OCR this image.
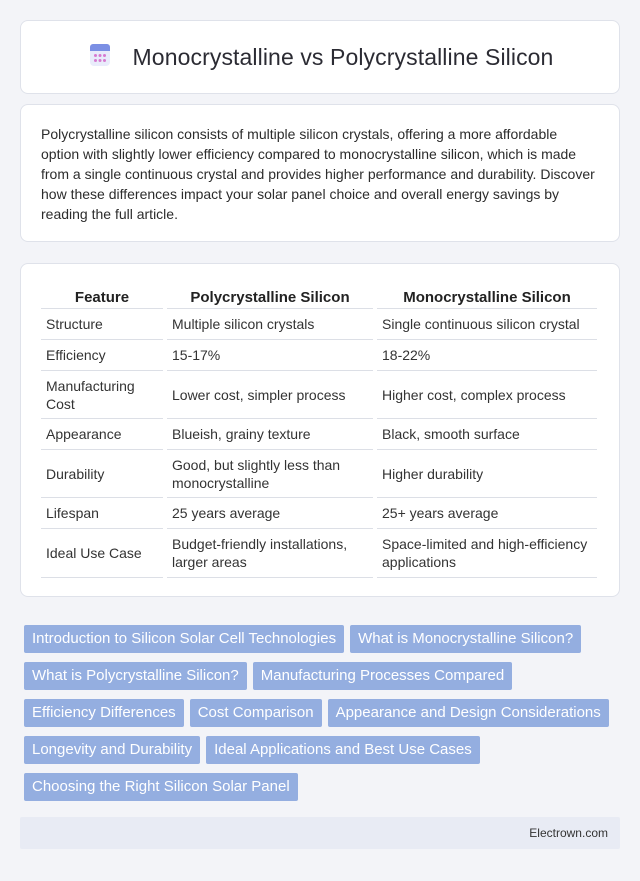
Monocrystalline vs Polycrystalline Silicon

Polycrystalline silicon consists of multiple silicon crystals, offering a more affordable option with slightly lower efficiency compared to monocrystalline silicon, which is made from a single continuous crystal and provides higher performance and durability. Discover how these differences impact your solar panel choice and overall energy savings by reading the full article.

Feature	Polycrystalline Silicon	Monocrystalline Silicon
Structure	Multiple silicon crystals	Single continuous silicon crystal
Efficiency	15-17%	18-22%
Manufacturing Cost	Lower cost, simpler process	Higher cost, complex process
Appearance	Blueish, grainy texture	Black, smooth surface
Durability	Good, but slightly less than monocrystalline	Higher durability
Lifespan	25 years average	25+ years average
Ideal Use Case	Budget-friendly installations, larger areas	Space-limited and high-efficiency applications
Introduction to Silicon Solar Cell Technologies	What is Monocrystalline Silicon?
What is Polycrystalline Silicon?	Manufacturing Processes Compared
Efficiency Differences	Cost Comparison	Appearance and Design Considerations
Longevity and Durability	Ideal Applications and Best Use Cases
Choosing the Right Silicon Solar Panel
Electrown.com
